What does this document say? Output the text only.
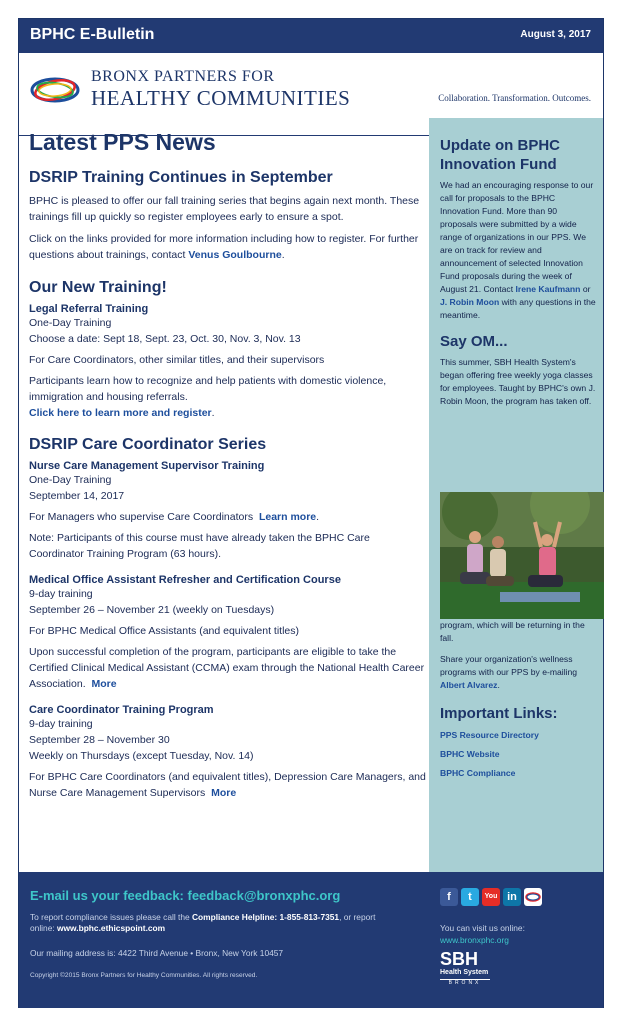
BPHC E-Bulletin	August 3, 2017
BRONX PARTNERS FOR
HEALTHY COMMUNITIES	Collaboration. Transformation. Outcomes.
Latest PPS News
DSRIP Training Continues in September

BPHC is pleased to offer our fall training series that begins again next month. These trainings fill up quickly so register employees early to ensure a spot.

Click on the links provided for more information including how to register. For further questions about trainings, contact Venus Goulbourne.

Our New Training!
Legal Referral Training

One-Day Training

Choose a date: Sept 18, Sept. 23, Oct. 30, Nov. 3, Nov. 13

For Care Coordinators, other similar titles, and their supervisors

Participants learn how to recognize and help patients with domestic violence, immigration and housing referrals.

Click here to learn more and register.

DSRIP Care Coordinator Series
Nurse Care Management Supervisor Training

One-Day Training

September 14, 2017

For Managers who supervise Care Coordinators Learn more.

Note: Participants of this course must have already taken the BPHC Care Coordinator Training Program (63 hours).

Medical Office Assistant Refresher and Certification Course

9-day training

September 26 – November 21 (weekly on Tuesdays)

For BPHC Medical Office Assistants (and equivalent titles)

Upon successful completion of the program, participants are eligible to take the Certified Clinical Medical Assistant (CCMA) exam through the National Health Career Association. More

Care Coordinator Training Program

9-day training

September 28 – November 30

Weekly on Thursdays (except Tuesday, Nov. 14)

For BPHC Care Coordinators (and equivalent titles), Depression Care Managers, and Nurse Care Management Supervisors More

Update on BPHC Innovation Fund

We had an encouraging response to our call for proposals to the BPHC Innovation Fund. More than 90 proposals were submitted by a wide range of organizations in our PPS. We are on track for review and announcement of selected Innovation Fund proposals during the week of August 21. Contact Irene Kaufmann or J. Robin Moon with any questions in the meantime.

Say OM...

This summer, SBH Health System's began offering free weekly yoga classes for employees. Taught by BPHC's own J. Robin Moon, the program has taken off.

program, which will be returning in the fall.

Share your organization's wellness programs with our PPS by e-mailing Albert Alvarez.

Important Links:

PPS Resource Directory

BPHC Website

BPHC Compliance

E-mail us your feedback: feedback@bronxphc.org
To report compliance issues please call the Compliance Helpline: 1-855-813-7351, or report online: www.bphc.ethicspoint.com
Our mailing address is: 4422 Third Avenue • Bronx, New York 10457
Copyright ©2015 Bronx Partners for Healthy Communities. All rights reserved.
f t You in
You can visit us online:
www.bronxphc.org
SBH
Health System
BRONX
